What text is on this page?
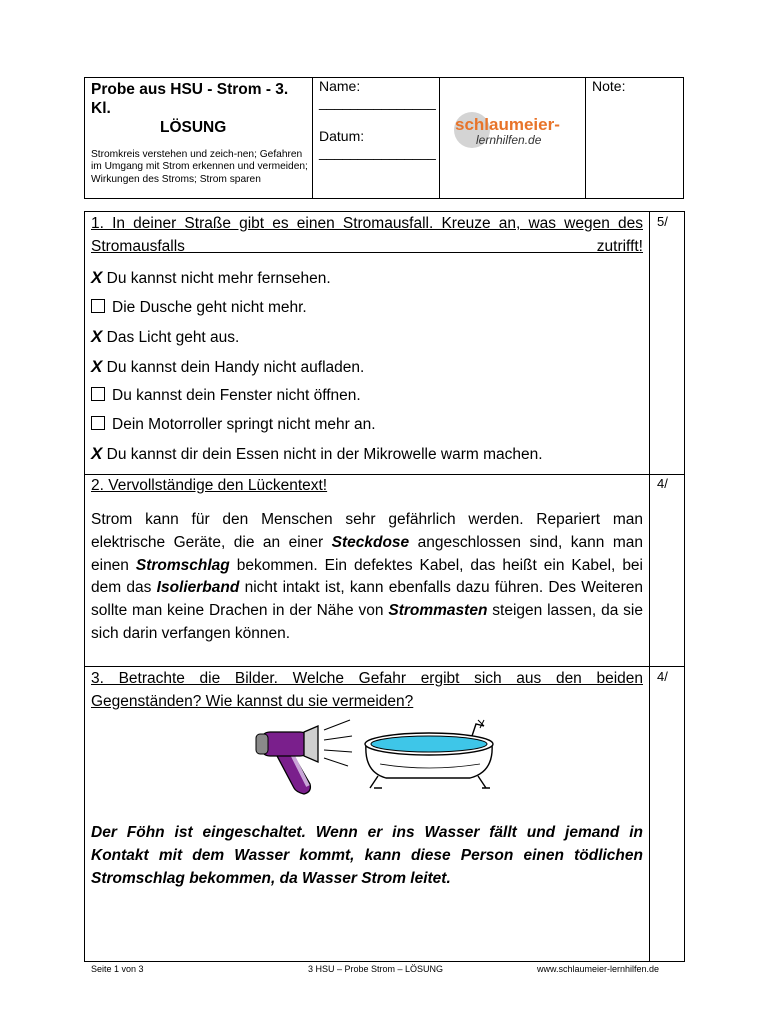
Probe aus HSU - Strom - 3. Kl.
LÖSUNG
Stromkreis verstehen und zeich-nen; Gefahren im Umgang mit Strom erkennen und vermeiden; Wirkungen des Stroms; Strom sparen
Name:
_______________
Datum:
_______________
schlaumeier-
lernhilfen.de
Note:
1. In deiner Straße gibt es einen Stromausfall. Kreuze an, was wegen des Stromausfalls zutrifft!
5/
X Du kannst nicht mehr fernsehen.
Die Dusche geht nicht mehr.
X Das Licht geht aus.
X Du kannst dein Handy nicht aufladen.
Du kannst dein Fenster nicht öffnen.
Dein Motorroller springt nicht mehr an.
X Du kannst dir dein Essen nicht in der Mikrowelle warm machen.
2. Vervollständige den Lückentext!	4/
Strom kann für den Menschen sehr gefährlich werden. Repariert man elektrische Geräte, die an einer Steckdose angeschlossen sind, kann man einen Stromschlag bekommen. Ein defektes Kabel, das heißt ein Kabel, bei dem das Isolierband nicht intakt ist, kann ebenfalls dazu führen. Des Weiteren sollte man keine Drachen in der Nähe von Strommasten steigen lassen, da sie sich darin verfangen können.
3. Betrachte die Bilder. Welche Gefahr ergibt sich aus den beiden Gegenständen? Wie kannst du sie vermeiden?
4/
Der Föhn ist eingeschaltet. Wenn er ins Wasser fällt und jemand in Kontakt mit dem Wasser kommt, kann diese Person einen tödlichen Stromschlag bekommen, da Wasser Strom leitet.
Seite 1 von 3	3 HSU – Probe Strom – LÖSUNG	www.schlaumeier-lernhilfen.de
